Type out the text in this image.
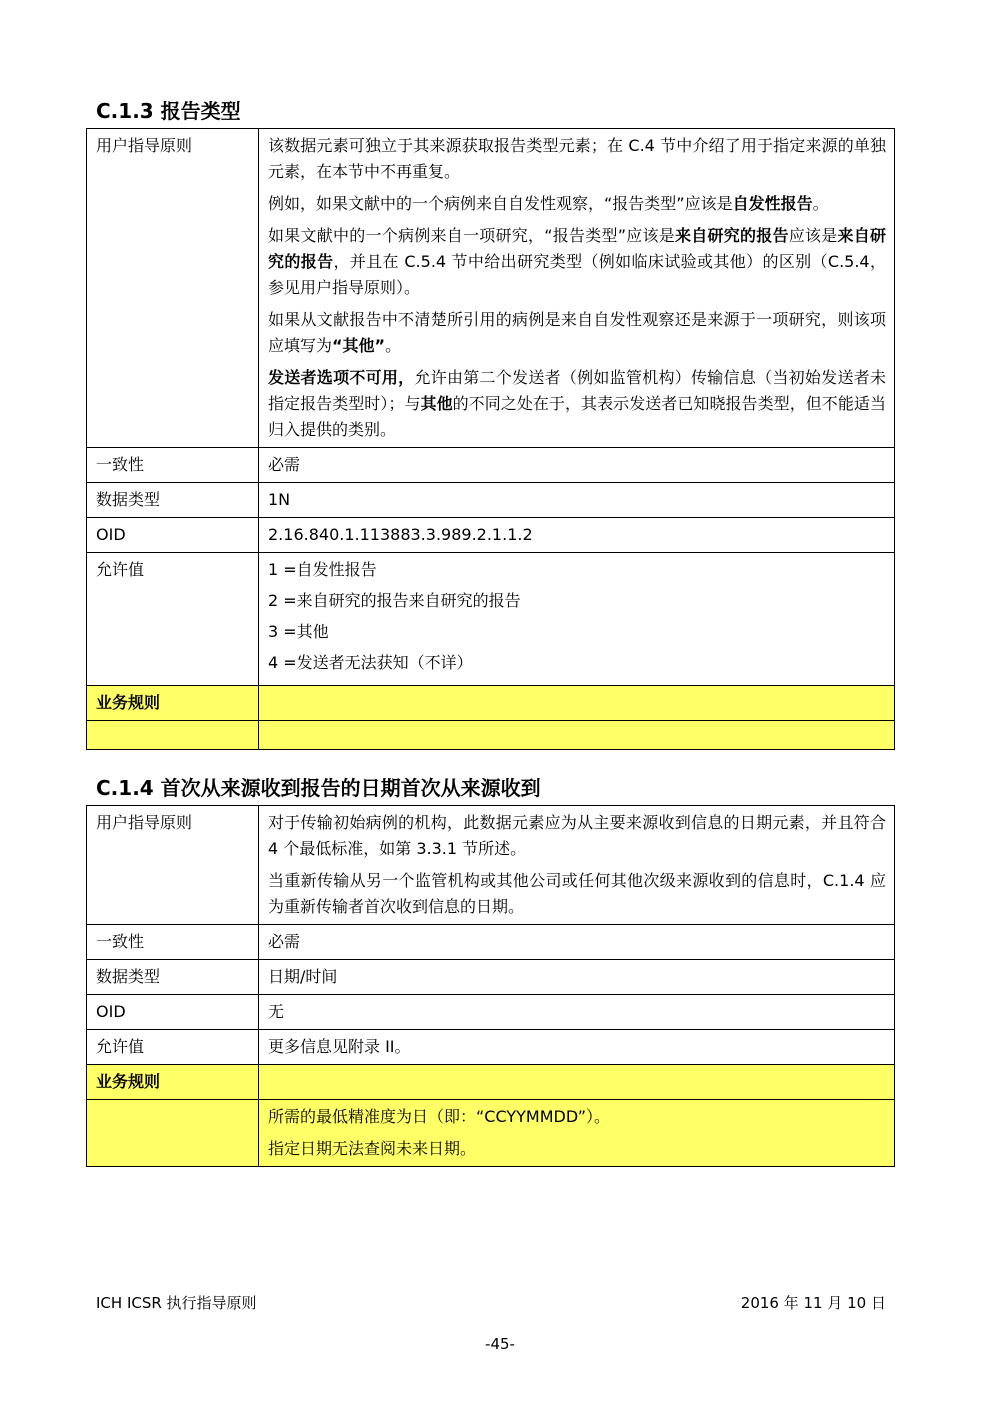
C.1.3 报告类型
用户指导原则	该数据元素可独立于其来源获取报告类型元素；在 C.4 节中介绍了用于指定来源的单独元素，在本节中不再重复。

例如，如果文献中的一个病例来自自发性观察，“报告类型”应该是自发性报告。

如果文献中的一个病例来自一项研究，“报告类型”应该是来自研究的报告应该是来自研究的报告，并且在 C.5.4 节中给出研究类型（例如临床试验或其他）的区别（C.5.4，参见用户指导原则）。

如果从文献报告中不清楚所引用的病例是来自自发性观察还是来源于一项研究，则该项应填写为“其他”。

发送者选项不可用，允许由第二个发送者（例如监管机构）传输信息（当初始发送者未指定报告类型时）；与其他的不同之处在于，其表示发送者已知晓报告类型，但不能适当归入提供的类别。

一致性	必需
数据类型	1N
OID	2.16.840.1.113883.3.989.2.1.1.2
允许值	1 =自发性报告

2 =来自研究的报告来自研究的报告

3 =其他

4 =发送者无法获知（不详）

业务规则	

C.1.4 首次从来源收到报告的日期首次从来源收到
用户指导原则	对于传输初始病例的机构，此数据元素应为从主要来源收到信息的日期元素，并且符合 4 个最低标准，如第 3.3.1 节所述。

当重新传输从另一个监管机构或其他公司或任何其他次级来源收到的信息时，C.1.4 应为重新传输者首次收到信息的日期。

一致性	必需
数据类型	日期/时间
OID	无
允许值	更多信息见附录 II。
业务规则	

	所需的最低精准度为日（即：“CCYYMMDD”）。

指定日期无法查阅未来日期。

ICH ICSR 执行指导原则	2016 年 11 月 10 日
-45-
